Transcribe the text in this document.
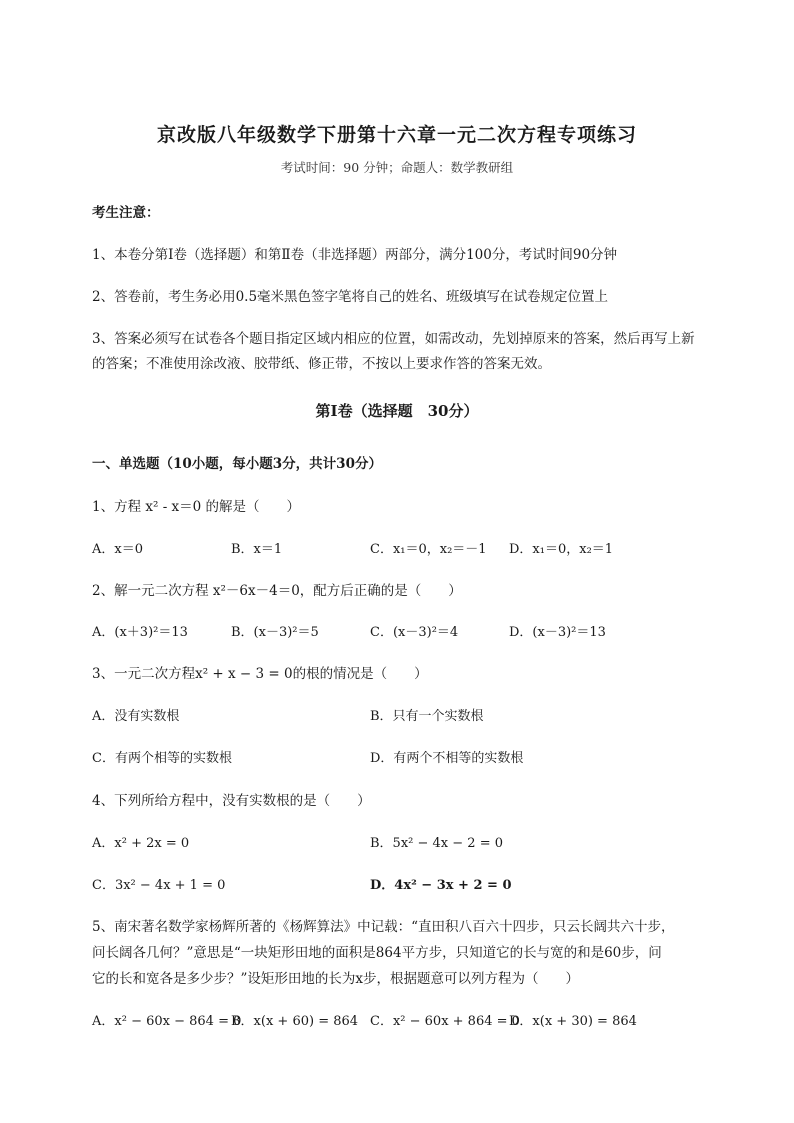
京改版八年级数学下册第十六章一元二次方程专项练习
考试时间：90 分钟；命题人：数学教研组
考生注意：
1、本卷分第Ⅰ卷（选择题）和第Ⅱ卷（非选择题）两部分，满分100分，考试时间90分钟
2、答卷前，考生务必用0.5毫米黑色签字笔将自己的姓名、班级填写在试卷规定位置上
3、答案必须写在试卷各个题目指定区域内相应的位置，如需改动，先划掉原来的答案，然后再写上新
的答案；不准使用涂改液、胶带纸、修正带，不按以上要求作答的答案无效。
第Ⅰ卷（选择题　30分）
一、单选题（10小题，每小题3分，共计30分）
1、方程 x² - x＝0 的解是（　　）
A．x＝0	B．x＝1	C．x₁＝0，x₂＝－1 D．x₁＝0，x₂＝1
2、解一元二次方程 x²－6x－4＝0，配方后正确的是（　　）
A．(x＋3)²＝13	B．(x－3)²＝5	C．(x－3)²＝4	D．(x－3)²＝13
3、一元二次方程x² + x − 3 = 0的根的情况是（　　）
A．没有实数根	B．只有一个实数根
C．有两个相等的实数根	D．有两个不相等的实数根
4、下列所给方程中，没有实数根的是（　　）
A．x² + 2x = 0	B．5x² − 4x − 2 = 0
C．3x² − 4x + 1 = 0	D．4x² − 3x + 2 = 0
5、南宋著名数学家杨辉所著的《杨辉算法》中记载：“直田积八百六十四步，只云长阔共六十步，
问长阔各几何？”意思是“一块矩形田地的面积是864平方步，只知道它的长与宽的和是60步，问
它的长和宽各是多少步？”设矩形田地的长为x步，根据题意可以列方程为（　　）
A．x² − 60x − 864 = 0
B．x(x + 60) = 864 C．x² − 60x + 864 = 0
D．x(x + 30) = 864
